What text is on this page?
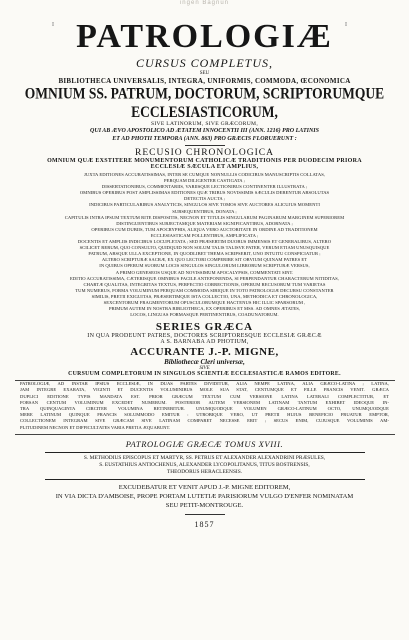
ingen Bagnun
I	I
PATROLOGIÆ
CURSUS COMPLETUS,
SEU
BIBLIOTHECA UNIVERSALIS, INTEGRA, UNIFORMIS, COMMODA, ŒCONOMICA
OMNIUM SS. PATRUM, DOCTORUM, SCRIPTORUMQUE ECCLESIASTICORUM,
SIVE LATINORUM, SIVE GRÆCORUM,
QUI AB ÆVO APOSTOLICO AD ÆTATEM INNOCENTII III (ANN. 1216) PRO LATINIS
ET AD PHOTII TEMPORA (ANN. 863) PRO GRÆCIS FLORUERUNT :
RECUSIO CHRONOLOGICA
OMNIUM QUÆ EXSTITERE MONUMENTORUM CATHOLICÆ TRADITIONIS PER DUODECIM PRIORA
ECCLESIÆ SÆCULA ET AMPLIUS,
JUXTA EDITIONES ACCURATISSIMAS, INTER SE CUMQUE NONNULLIS CODICIBUS MANUSCRIPTIS COLLATAS,
PERQUAM DILIGENTER CASTIGATA ;
DISSERTATIONIBUS, COMMENTARIIS, VARIISQUE LECTIONIBUS CONTINENTER ILLUSTRATA ;
OMNIBUS OPERIBUS POST AMPLISSIMAS EDITIONES QUÆ TRIBUS NOVISSIMIS SÆCULIS DEBENTUR ABSOLUTAS
DETECTIS AUCTA ;
INDICIBUS PARTICULARIBUS ANALYTICIS, SINGULOS SIVE TOMOS SIVE AUCTORES ALICUJUS MOMENTI
SUBSEQUENTIBUS, DONATA ;
CAPITULIS INTRA IPSUM TEXTUM RITE DISPOSITIS, NECNON ET TITULIS SINGULARUM PAGINARUM MARGINEM SUPERIOREM
DISTINGUENTIBUS SUBJECTAMQUE MATERIAM SIGNIFICANTIBUS, ADORNATA ;
OPERIBUS CUM DUBIIS, TUM APOCRYPHIS, ALIQUA VERO AUCTORITATE IN ORDINE AD TRADITIONEM
ECCLESIASTICAM POLLENTIBUS, AMPLIFICATA ;
DOCENTIS ET AMPLIIS INDICIBUS LOCUPLETATA ; SED PRÆSERTIM DUOBUS IMMENSIS ET GENERALIBUS, ALTERO
SCILICET RERUM, QUO CONSULTO, QUIDQUID NON SOLUM TALIS TALISVE PATER, VERUM ETIAM UNUSQUISQUE
PATRUM, ABSQUE ULLA EXCEPTIONE, IN QUODLIBET THEMA SCRIPSERIT, UNO INTUITU CONSPICIATUR ;
ALTERO SCRIPTURÆ SACRÆ, EX QUO LECTORI COMPERIRE SIT OBVIUM QUINAM PATRES ET
IN QUIBUS OPERUM SUORUM LOCIS SINGULOS SINGULORUM LIBRORUM SCRIPTURÆ VERSUS,
A PRIMO GENESEOS USQUE AD NOVISSIMUM APOCALYPSIS, COMMENTATI SINT.
EDITIO ACCURATISSIMA, CÆTERISQUE OMNIBUS FACILE ANTEPONENDA, SI PERPENDANTUR CHARACTERUM NITIDITAS,
CHARTÆ QUALITAS, INTEGRITAS TEXTUS, PERFECTIO CORRECTIONIS, OPERUM RECUSORUM TUM VARIETAS
TUM NUMERUS, FORMA VOLUMINUM PERQUAM COMMODA SIBIQUE IN TOTO PATROLOGIÆ DECURSU CONSTANTER
SIMILIS, PRETII EXIGUITAS, PRÆSERTIMQUE ISTA COLLECTIO, UNA, METHODICA ET CHRONOLOGICA,
SEXCENTORUM FRAGMENTORUM OPUSCULORUMQUE HACTENUS HIC ILLIC SPARSORUM ,
PRIMUM AUTEM IN NOSTRA BIBLIOTHECA, EX OPERIBUS ET MSS. AD OMNES ÆTATES,
LOCOS, LINGUAS FORMASQUE PERTINENTIBUS, COADUNATORUM.
SERIES GRÆCA
IN QUA PRODEUNT PATRES, DOCTORES SCRIPTORESQUE ECCLESIÆ GRÆCÆ
A S. BARNABA AD PHOTIUM,
ACCURANTE J.-P. MIGNE,
Bibliothecæ Cleri universæ,
SIVE
CURSUUM COMPLETORUM IN SINGULOS SCIENTIÆ ECCLESIASTICÆ RAMOS EDITORE.
PATROLOGIÆ, AD INSTAR IPSIUS ECCLESIÆ, IN DUAS PARTES DIVIDITUR, ALIA NEMPE LATINA, ALIA GRÆCO-LATINA ; LATINA,
JAM INTEGRE EXARATA, VIGINTI ET DUCENTIS VOLUMINIBUS MOLE SUA STAT, CENTUMQUE ET FILLE FRANCIS VENIT. GRÆCA
DUPLICI EDITIONE TYPIS MANDATA EST. PRIOR GRÆCUM TEXTUM CUM VERSIONE LATINA LATERALI COMPLECTITUR, ET
FORSAN CENTUM VOLUMINUM EXCEDET NUMERUM. POSTERIOR AUTEM VERSIONEM LATINAM TANTUM EXHIBET IDEOQUE IN-
TRA QUINQUAGINTA CIRCITER VOLUMINA RETINEBITUR. UNUMQUODQUE VOLUMEN GRÆCO-LATINUM OCTO, UNUMQUODQUE
MERE LATINUM QUINQUE FRANCIS SOLUMMODO EMITUR : UTROBIQUE VERO, UT PRETII HUJUS BENEFICIO FRUATUR EMPTOR,
COLLECTIONEM INTEGRAM SIVE GRÆCAM SIVE LATINAM COMPARET NECESSE ERIT ; SECUS ENIM, CUJUSQUE VOLUMINIS AM-
PLITUDINEM NECNON ET DIFFICULTATES VARIA PRETIA ÆQUABUNT.
PATROLOGIÆ GRÆCÆ TOMUS XVIII.
S. METHODIUS EPISCOPUS ET MARTYR, SS. PETRUS ET ALEXANDER ALEXANDRINI PRÆSULES,
S. EUSTATHIUS ANTIOCHENUS, ALEXANDER LYCOPOLITANUS, TITUS BOSTRENSIS,
THEODORUS HERACLEENSIS.
EXCUDEBATUR ET VENIT APUD J.-P. MIGNE EDITOREM,
IN VIA DICTA D'AMBOISE, PROPE PORTAM LUTETIÆ PARISIORUM VULGO D'ENFER NOMINATAM
SEU PETIT-MONTROUGE.
1857
